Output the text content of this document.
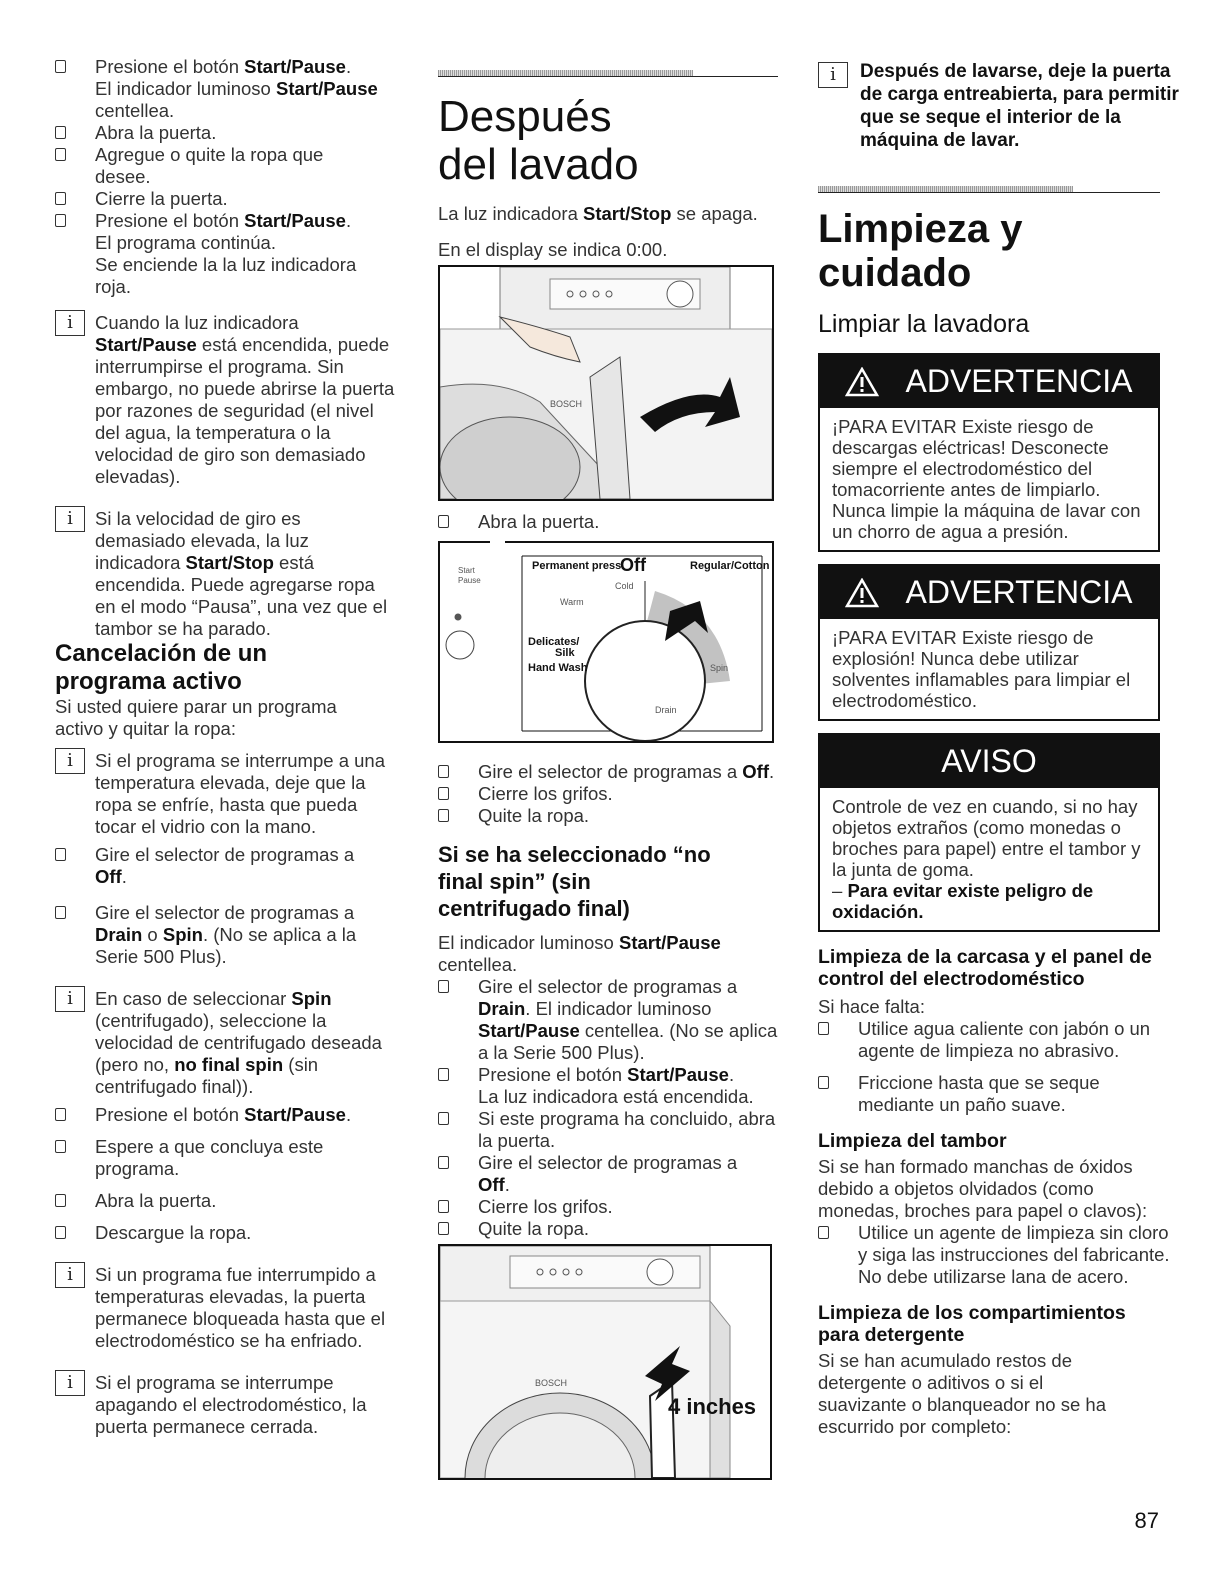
Presione el botón Start/Pause.
El indicador luminoso Start/Pause
centellea.
Abra la puerta.
Agregue o quite la ropa que desee.
Cierre la puerta.
Presione el botón Start/Pause.
El programa continúa.
Se enciende la la luz indicadora roja.
i	Cuando la luz indicadora Start/Pause está encendida, puede interrumpirse el programa. Sin embargo, no puede abrirse la puerta por razones de seguridad (el nivel del agua, la temperatura o la velocidad de giro son demasiado elevadas).
i	Si la velocidad de giro es demasiado elevada, la luz indicadora Start/Stop está encendida. Puede agregarse ropa en el modo “Pausa”, una vez que el tambor se ha parado.
Cancelación de un programa activo
Si usted quiere parar un programa activo y quitar la ropa:
i	Si el programa se interrumpe a una temperatura elevada, deje que la ropa se enfríe, hasta que pueda tocar el vidrio con la mano.
Gire el selector de programas a Off.
Gire el selector de programas a Drain o Spin. (No se aplica a la Serie 500 Plus).
i	En caso de seleccionar Spin (centrifugado), seleccione la velocidad de centrifugado deseada (pero no, no final spin (sin centrifugado final)).
Presione el botón Start/Pause.
Espere a que concluya este programa.
Abra la puerta.
Descargue la ropa.
i	Si un programa fue interrumpido a temperaturas elevadas, la puerta permanece bloqueada hasta que el electrodoméstico se ha enfriado.
i	Si el programa se interrumpe apagando el electrodoméstico, la puerta permanece cerrada.
Después
del lavado
La luz indicadora Start/Stop se apaga.
En el display se indica 0:00.
BOSCH
Abra la puerta.
Start
Pause
Permanent press
Off	Regular/Cotton
Cold
Warm
Delicates/
Silk
Hand Wash	Spin
Drain
Gire el selector de programas a Off.
Cierre los grifos.
Quite la ropa.
Si se ha seleccionado “no final spin” (sin centrifugado final)
El indicador luminoso Start/Pause centellea.
Gire el selector de programas a Drain. El indicador luminoso Start/Pause centellea. (No se aplica a la Serie 500 Plus).
Presione el botón Start/Pause.
La luz indicadora está encendida.
Si este programa ha concluido, abra la puerta.
Gire el selector de programas a Off.
Cierre los grifos.
Quite la ropa.
BOSCH
4 inches
i	Después de lavarse, deje la puerta de carga entreabierta, para permitir que se seque el interior de la máquina de lavar.
Limpieza y
cuidado
Limpiar la lavadora
ADVERTENCIA
¡PARA EVITAR Existe riesgo de descargas eléctricas! Desconecte siempre el electrodoméstico del tomacorriente antes de limpiarlo. Nunca limpie la máquina de lavar con un chorro de agua a presión.
ADVERTENCIA
¡PARA EVITAR Existe riesgo de explosión! Nunca debe utilizar solventes inflamables para limpiar el electrodoméstico.
AVISO
Controle de vez en cuando, si no hay objetos extraños (como monedas o broches para papel) entre el tambor y la junta de goma.
– Para evitar existe peligro de oxidación.
Limpieza de la carcasa y el panel de control del electrodoméstico
Si hace falta:
Utilice agua caliente con jabón o un agente de limpieza no abrasivo.
Friccione hasta que se seque mediante un paño suave.
Limpieza del tambor
Si se han formado manchas de óxidos debido a objetos olvidados (como monedas, broches para papel o clavos):
Utilice un agente de limpieza sin cloro y siga las instrucciones del fabricante. No debe utilizarse lana de acero.
Limpieza de los compartimientos para detergente
Si se han acumulado restos de detergente o aditivos o si el suavizante o blanqueador no se ha escurrido por completo:
87
